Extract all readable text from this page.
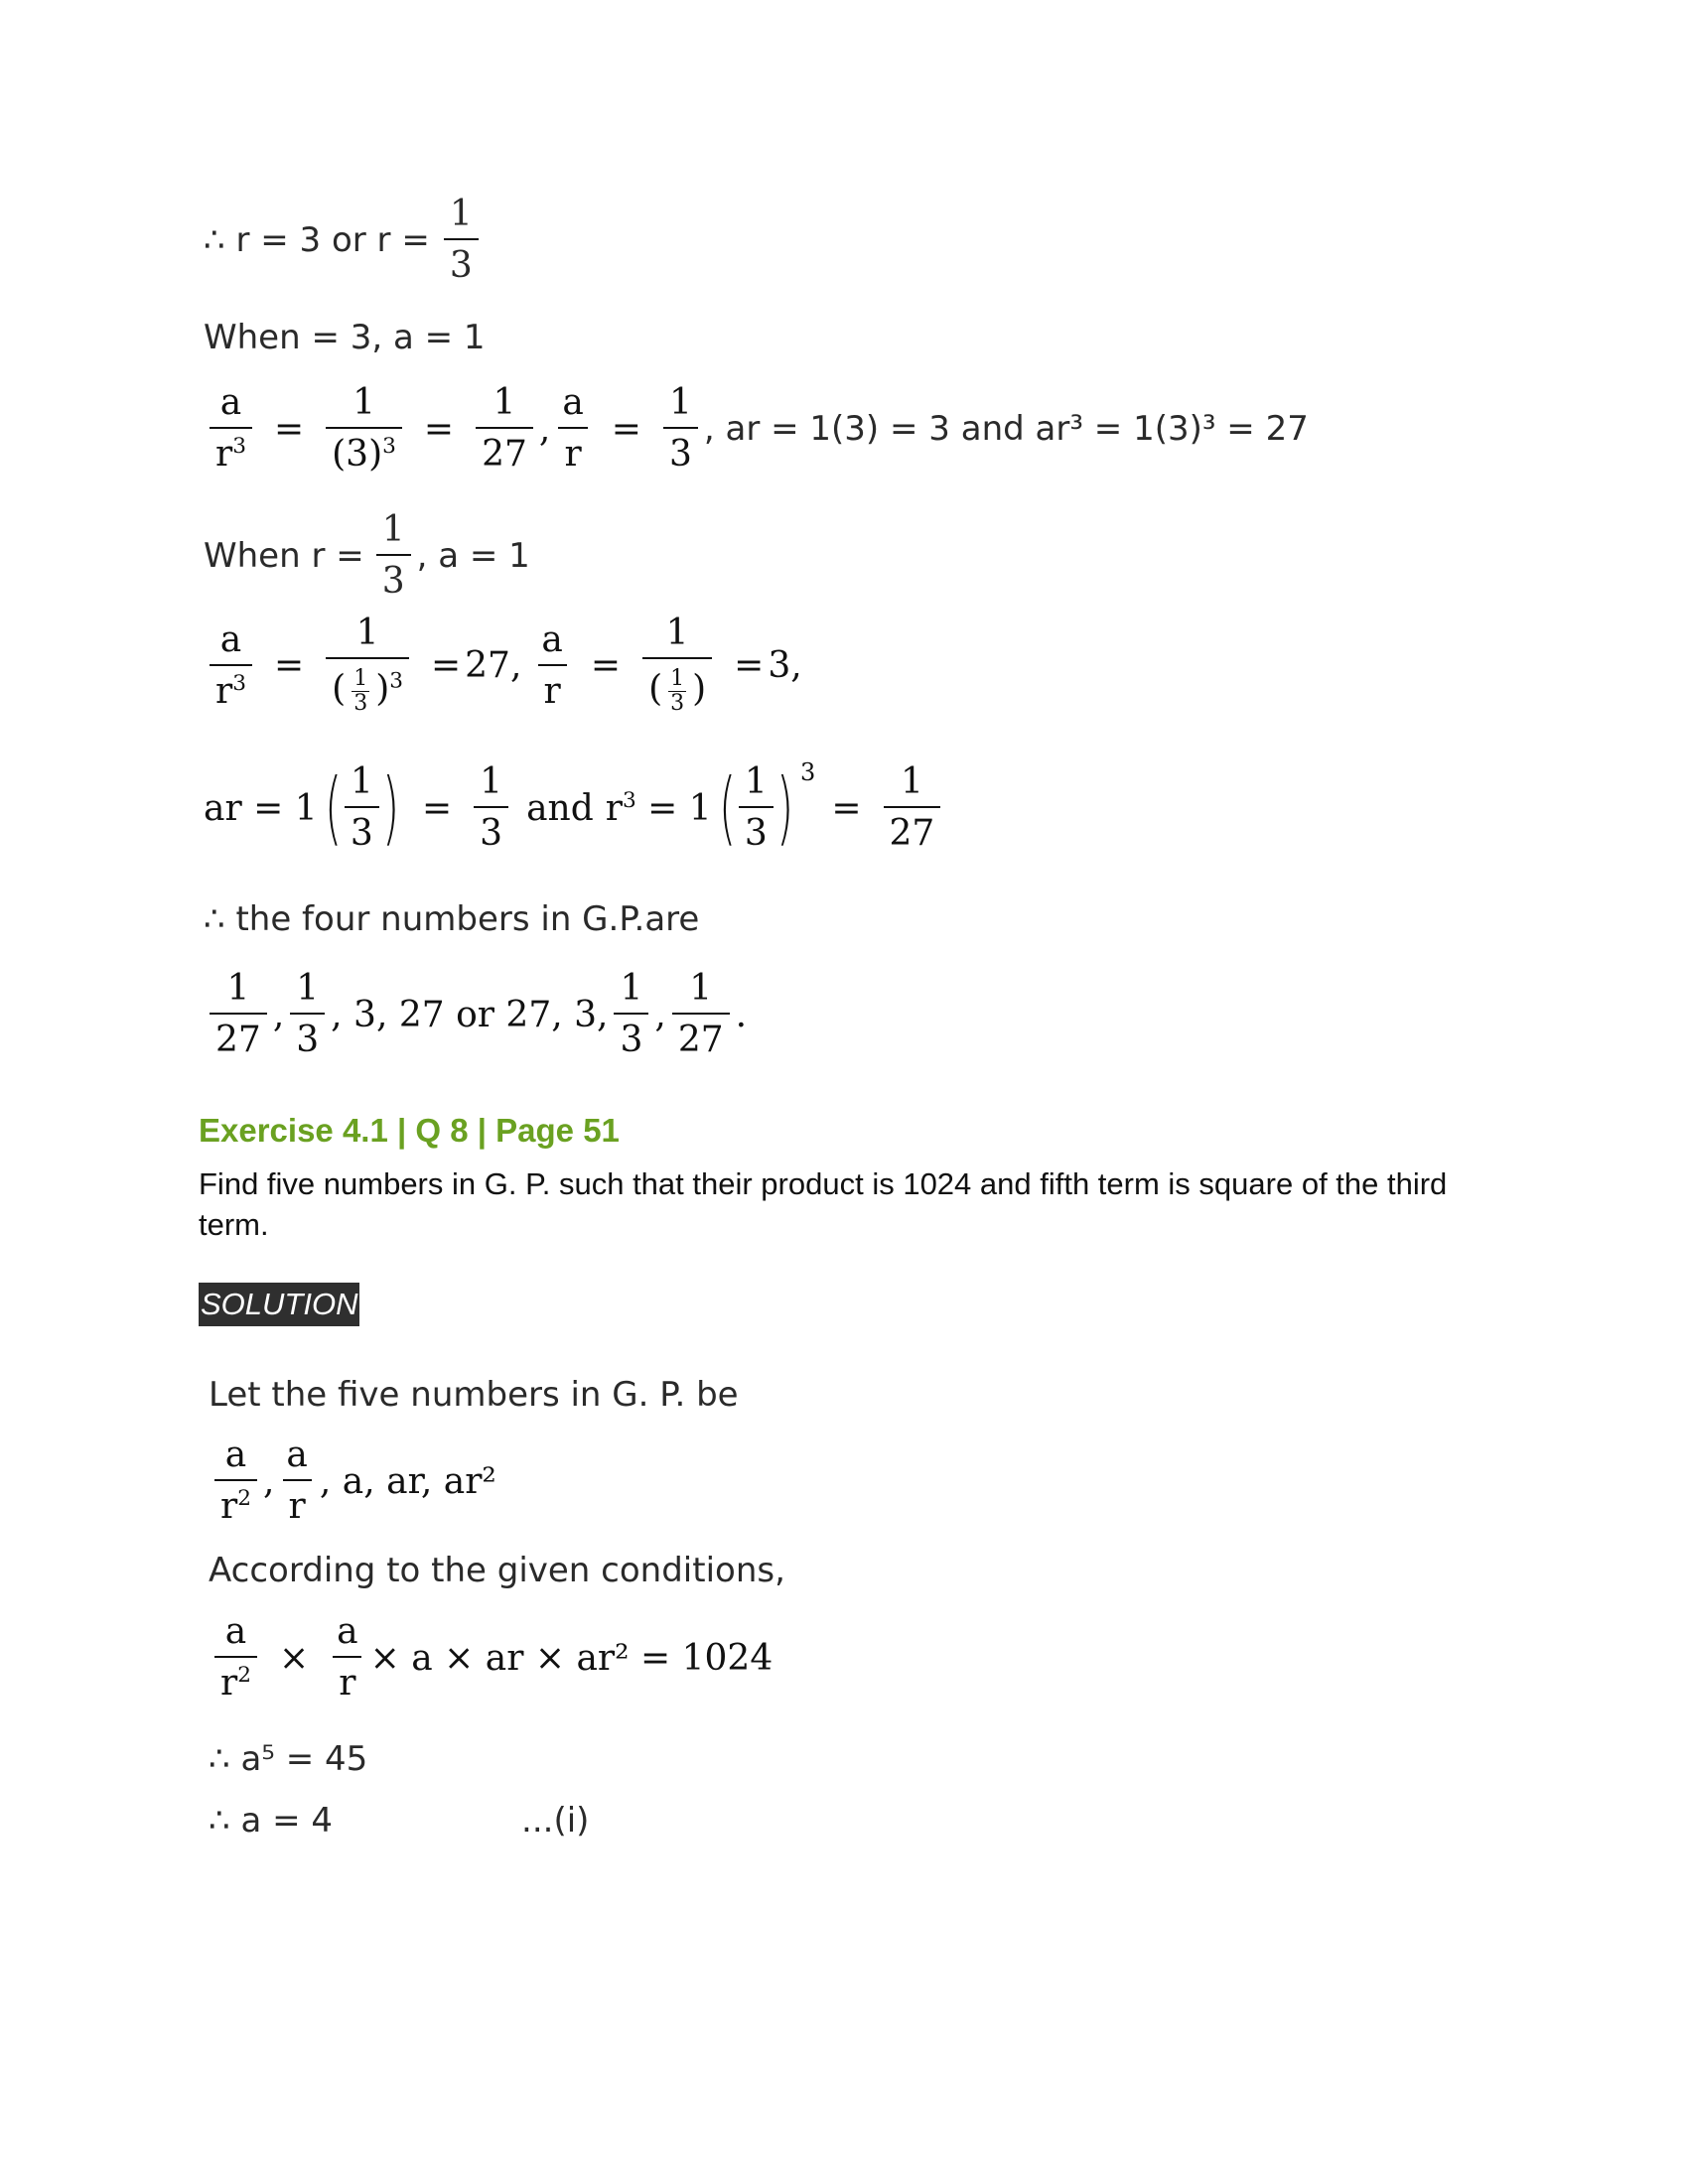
∴ r = 3 or $r = \frac{1}{3}$
When = 3, a = 1
$\frac{a}{r^3} = \frac{1}{(3)^3} = \frac{1}{27}$ , $\frac{a}{r} = \frac{1}{3}$ , ar = 1(3) = 3 and ar³ = 1(3)³ = 27
When $r = \frac{1}{3}$ , a = 1
$\frac{a}{r^3} = \frac{1}{( \frac{1}{3} )^3} = 27$, $\frac{a}{r} = \frac{1}{( \frac{1}{3} )} = 3$,
ar = 1 ( $\frac{1}{3}$ ) = $\frac{1}{3}$ and $r^3 = 1$ ( $\frac{1}{3}$ ) $^3$
= $\frac{1}{27}$
∴ the four numbers in G.P.are
$\frac{1}{27}$ , $\frac{1}{3}$ , 3, 27 or 27, 3, $\frac{1}{3}$ , $\frac{1}{27}$ .
Exercise 4.1 | Q 8 | Page 51
Find five numbers in G. P. such that their product is 1024 and fifth term is square of the third term.
SOLUTION
Let the five numbers in G. P. be
$\frac{a}{r^2}$ , $\frac{a}{r}$ , a, ar, ar²
According to the given conditions,
$\frac{a}{r^2} \times \frac{a}{r} \times a$ × ar × ar² = 1024
∴ a⁵ = 45
∴ a = 4	...(i)
